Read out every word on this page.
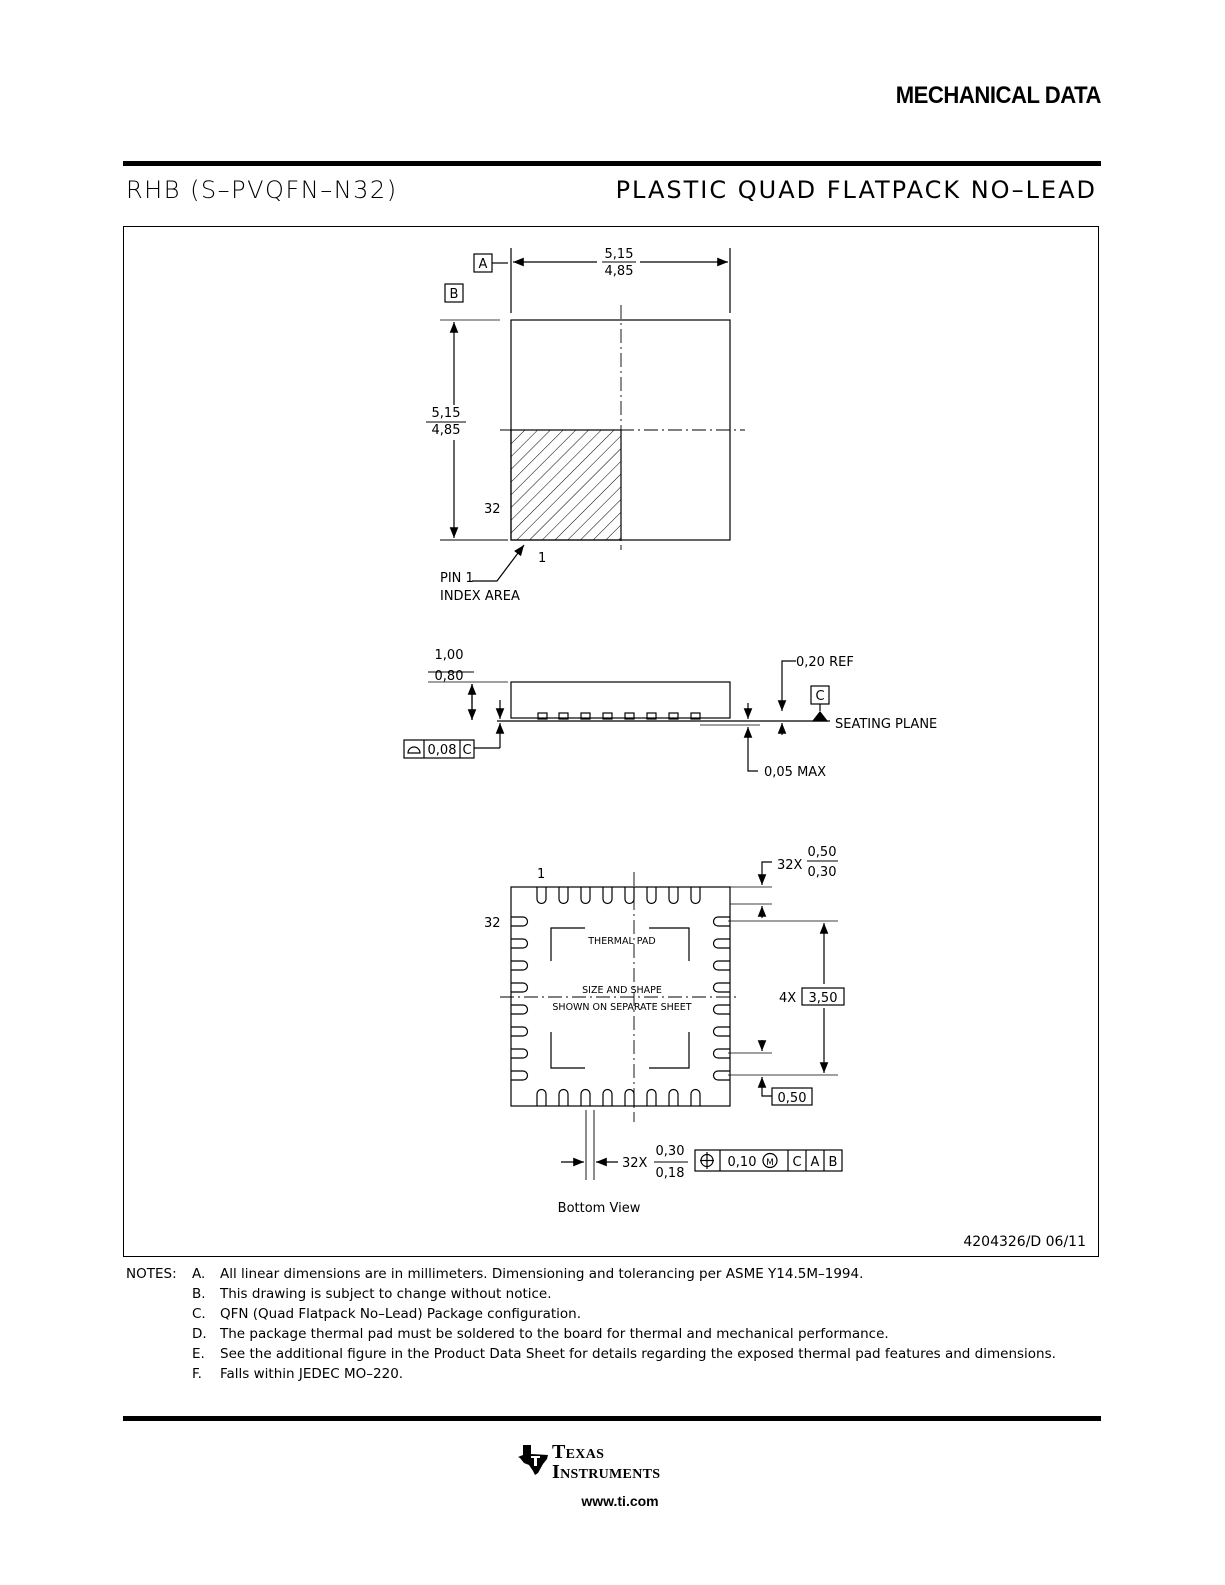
MECHANICAL DATA
RHB (S–PVQFN–N32)	PLASTIC QUAD FLATPACK NO–LEAD
A
B
5,15
4,85
5,15
4,85
32
1
PIN 1
INDEX AREA
1,00
0,80
0,20 REF
C
SEATING PLANE
0,05 MAX
0,08 C
THERMAL PAD
SIZE AND SHAPE
SHOWN ON SEPARATE SHEET
1
32
32X
0,50
0,30
4X 3,50
0,50
32X
0,30
0,18
0,10 M C A B
Bottom View
4204326/D 06/11
NOTES: A. All linear dimensions are in millimeters. Dimensioning and tolerancing per ASME Y14.5M–1994.
B. This drawing is subject to change without notice.
C. QFN (Quad Flatpack No–Lead) Package configuration.
D. The package thermal pad must be soldered to the board for thermal and mechanical performance.
E. See the additional figure in the Product Data Sheet for details regarding the exposed thermal pad features and dimensions.
F. Falls within JEDEC MO–220.
Texas
Instruments
www.ti.com
